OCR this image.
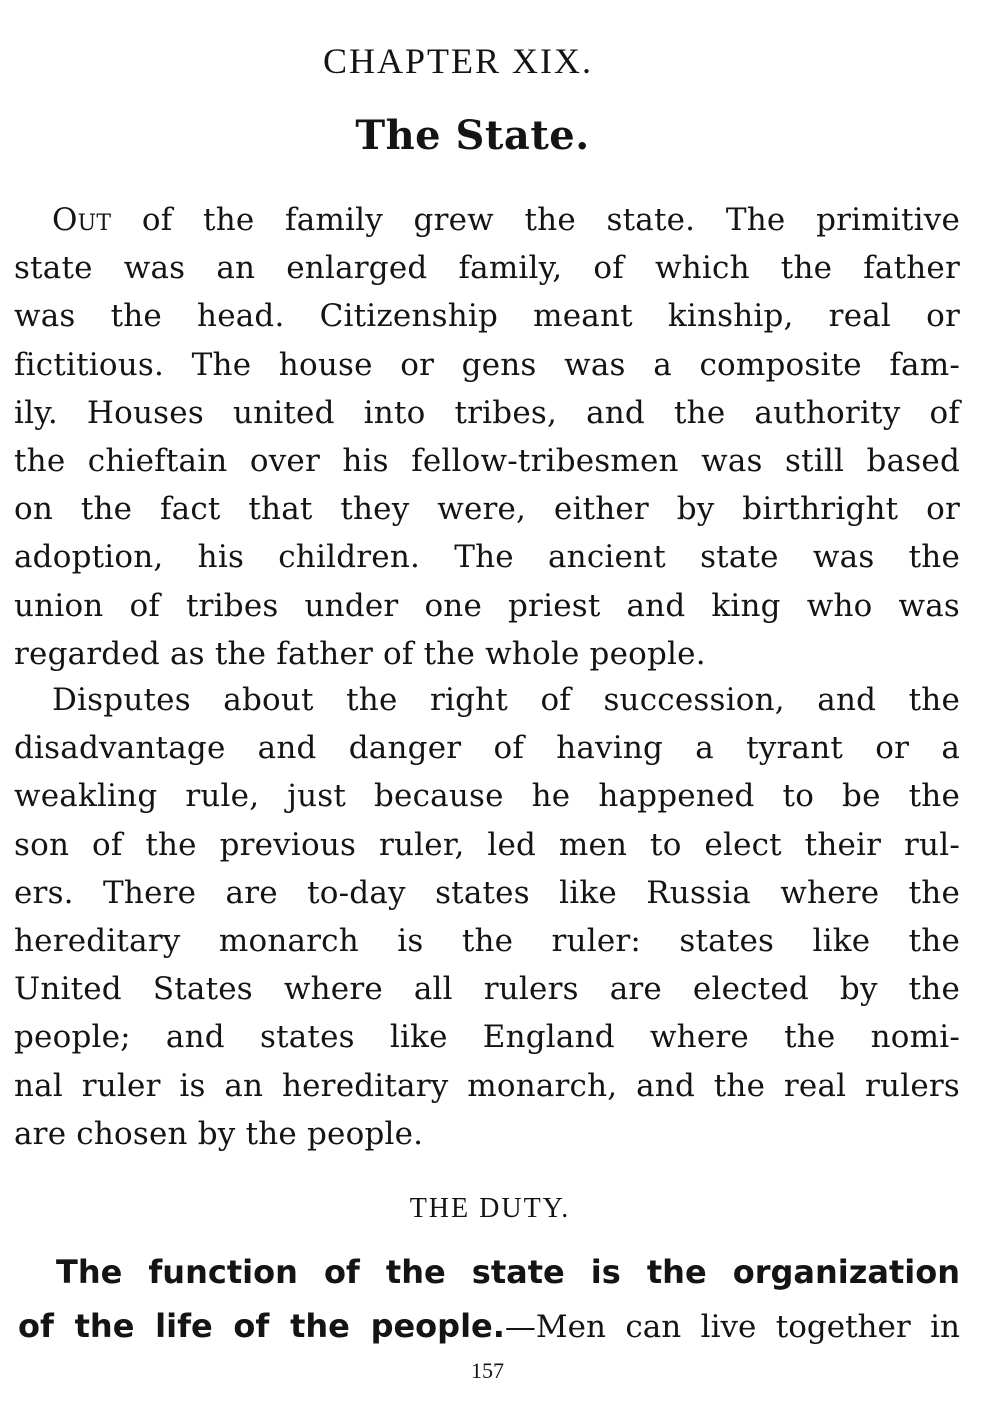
CHAPTER XIX.
The State.
Out of the family grew the state. The primitive
state was an enlarged family, of which the father
was the head. Citizenship meant kinship, real or
fictitious. The house or gens was a composite fam-
ily. Houses united into tribes, and the authority of
the chieftain over his fellow-tribesmen was still based
on the fact that they were, either by birthright or
adoption, his children. The ancient state was the
union of tribes under one priest and king who was
regarded as the father of the whole people.
Disputes about the right of succession, and the
disadvantage and danger of having a tyrant or a
weakling rule, just because he happened to be the
son of the previous ruler, led men to elect their rul-
ers. There are to-day states like Russia where the
hereditary monarch is the ruler: states like the
United States where all rulers are elected by the
people; and states like England where the nomi-
nal ruler is an hereditary monarch, and the real rulers
are chosen by the people.
THE DUTY.
The function of the state is the organization
of the life of the people.—Men can live together in
157
